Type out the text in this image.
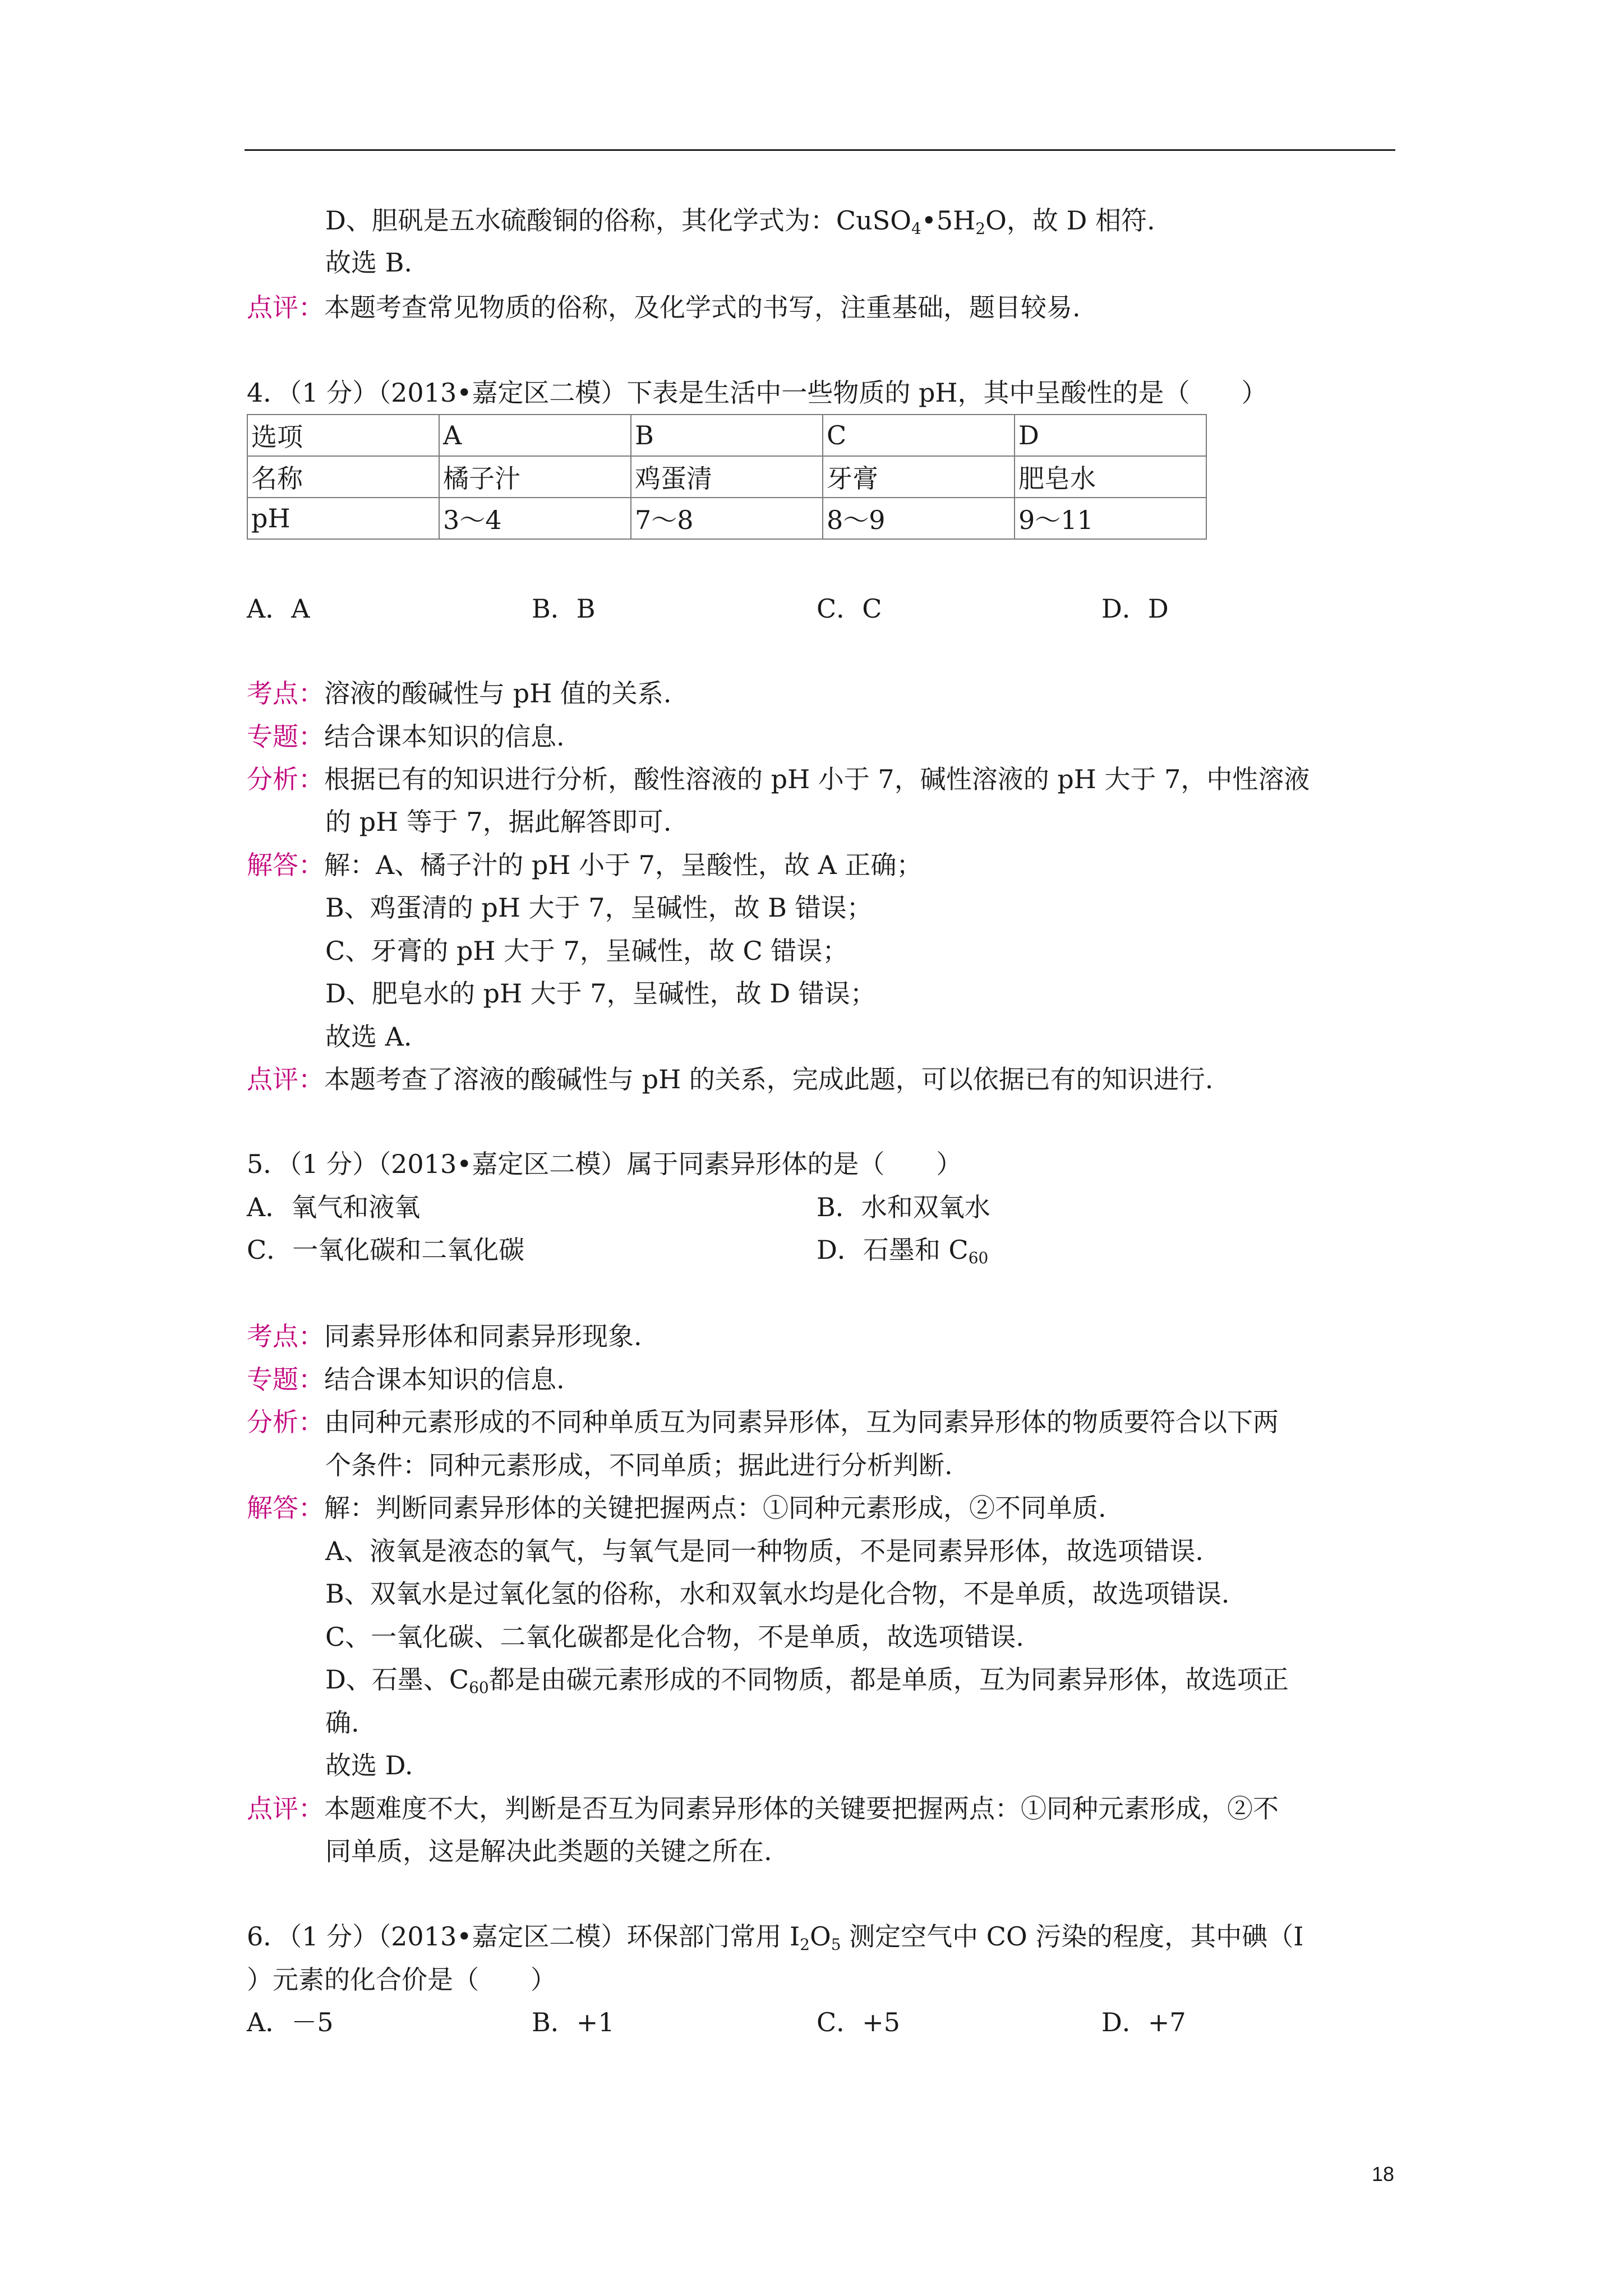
D、胆矾是五水硫酸铜的俗称，其化学式为：$CuSO_4•5H_2O$，故 D 相符.
故选 B.
点评：本题考查常见物质的俗称，及化学式的书写，注重基础，题目较易.
4．（1 分）（2013•嘉定区二模）下表是生活中一些物质的 pH，其中呈酸性的是（　　）
选项	A	B	C	D
名称	橘子汁	鸡蛋清	牙膏	肥皂水
pH	3～4	7～8	8～9	9～11
A．A	B．B	C．C	D．D
考点：溶液的酸碱性与 pH 值的关系.
专题：结合课本知识的信息.
分析：根据已有的知识进行分析，酸性溶液的 pH 小于 7，碱性溶液的 pH 大于 7，中性溶液
的 pH 等于 7，据此解答即可.
解答：解：A、橘子汁的 pH 小于 7，呈酸性，故 A 正确；
B、鸡蛋清的 pH 大于 7，呈碱性，故 B 错误；
C、牙膏的 pH 大于 7，呈碱性，故 C 错误；
D、肥皂水的 pH 大于 7，呈碱性，故 D 错误；
故选 A.
点评：本题考查了溶液的酸碱性与 pH 的关系，完成此题，可以依据已有的知识进行.
5．（1 分）（2013•嘉定区二模）属于同素异形体的是（　　）
A．氧气和液氧	B．水和双氧水
C．一氧化碳和二氧化碳	D．石墨和 $C_{60}$
考点：同素异形体和同素异形现象.
专题：结合课本知识的信息.
分析：由同种元素形成的不同种单质互为同素异形体，互为同素异形体的物质要符合以下两
个条件：同种元素形成，不同单质；据此进行分析判断.
解答：解：判断同素异形体的关键把握两点：①同种元素形成，②不同单质.
A、液氧是液态的氧气，与氧气是同一种物质，不是同素异形体，故选项错误.
B、双氧水是过氧化氢的俗称，水和双氧水均是化合物，不是单质，故选项错误.
C、一氧化碳、二氧化碳都是化合物，不是单质，故选项错误.
D、石墨、$C_{60}$都是由碳元素形成的不同物质，都是单质，互为同素异形体，故选项正
确.
故选 D.
点评：本题难度不大，判断是否互为同素异形体的关键要把握两点：①同种元素形成，②不
同单质，这是解决此类题的关键之所在.
6．（1 分）（2013•嘉定区二模）环保部门常用 $I_2O_5$ 测定空气中 CO 污染的程度，其中碘（I
）元素的化合价是（　　）
A．－5	B．+1	C．+5	D．+7
18
